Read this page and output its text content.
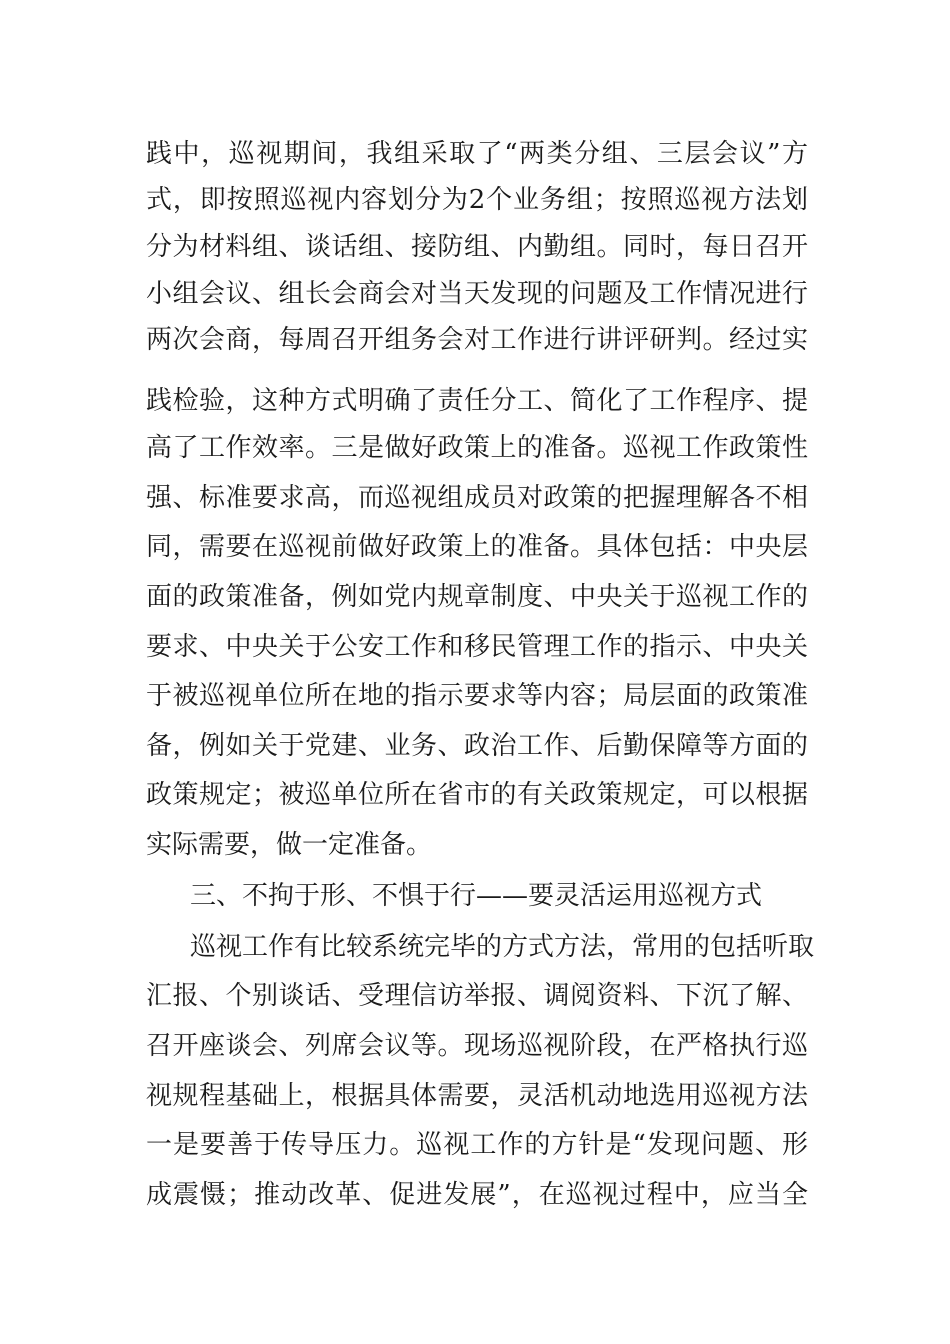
践中，巡视期间，我组采取了“两类分组、三层会议”方
式，即按照巡视内容划分为2个业务组；按照巡视方法划
分为材料组、谈话组、接防组、内勤组。同时，每日召开
小组会议、组长会商会对当天发现的问题及工作情况进行
两次会商，每周召开组务会对工作进行讲评研判。经过实
践检验，这种方式明确了责任分工、简化了工作程序、提
高了工作效率。三是做好政策上的准备。巡视工作政策性
强、标准要求高，而巡视组成员对政策的把握理解各不相
同，需要在巡视前做好政策上的准备。具体包括：中央层
面的政策准备，例如党内规章制度、中央关于巡视工作的
要求、中央关于公安工作和移民管理工作的指示、中央关
于被巡视单位所在地的指示要求等内容；局层面的政策准
备，例如关于党建、业务、政治工作、后勤保障等方面的
政策规定；被巡单位所在省市的有关政策规定，可以根据
实际需要，做一定准备。
三、不拘于形、不惧于行——要灵活运用巡视方式
巡视工作有比较系统完毕的方式方法，常用的包括听取
汇报、个别谈话、受理信访举报、调阅资料、下沉了解、
召开座谈会、列席会议等。现场巡视阶段，在严格执行巡
视规程基础上，根据具体需要，灵活机动地选用巡视方法
一是要善于传导压力。巡视工作的方针是“发现问题、形
成震慑；推动改革、促进发展”，在巡视过程中，应当全
